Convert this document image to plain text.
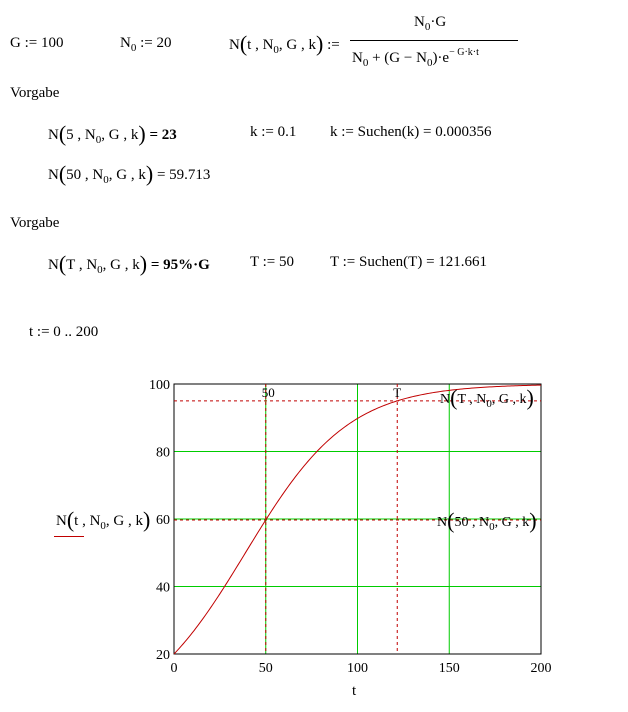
G := 100	$N_0$ := 20	N(t , $N_0$, G , k) :=
$N_0\cdot G$
$N_0 + (G - N_0)\cdot e^{- G\cdot k\cdot t}$
Vorgabe
N(5 , $N_0$, G , k) = 23	k := 0.1 k := Suchen(k) = 0.000356
N(50 , $N_0$, G , k) = 59.713
Vorgabe
N(T , $N_0$, G , k) = 95%·G	T := 50 T := Suchen(T) = 121.661
t := 0 .. 200
N(t , $N_0$, G , k)
0	50	100	150	200
20
40
60
80
100	50	T	N(T , $N_0$, G , k)
N(50 , $N_0$, G , k)
t
